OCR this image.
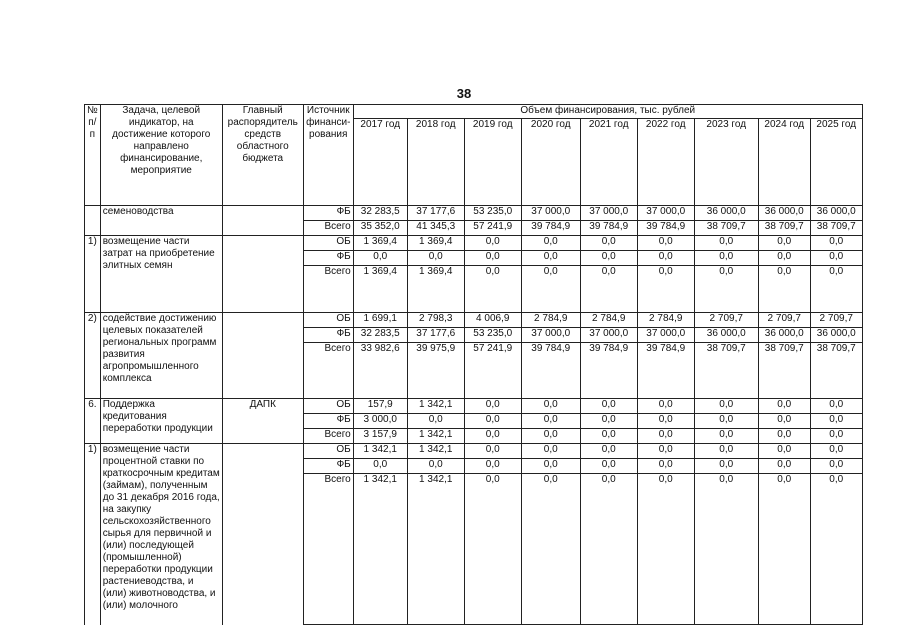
38
№ п/п	Задача, целевой индикатор, на достижение которого направлено финансирование, мероприятие	Главный распорядитель средств областного бюджета	Источник финанси-рования	Объем финансирования, тыс. рублей								
				2017 год	2018 год	2019 год	2020 год	2021 год	2022 год	2023 год	2024 год	2025 год
	семеноводства		ФБ	32 283,5	37 177,6	53 235,0	37 000,0	37 000,0	37 000,0	36 000,0	36 000,0	36 000,0
			Всего	35 352,0	41 345,3	57 241,9	39 784,9	39 784,9	39 784,9	38 709,7	38 709,7	38 709,7
1)	возмещение части затрат на приобретение элитных семян		ОБ	1 369,4	1 369,4	0,0	0,0	0,0	0,0	0,0	0,0	0,0
			ФБ	0,0	0,0	0,0	0,0	0,0	0,0	0,0	0,0	0,0
			Всего	1 369,4	1 369,4	0,0	0,0	0,0	0,0	0,0	0,0	0,0
2)	содействие достижению целевых показателей региональных программ развития агропромышленного комплекса		ОБ	1 699,1	2 798,3	4 006,9	2 784,9	2 784,9	2 784,9	2 709,7	2 709,7	2 709,7
			ФБ	32 283,5	37 177,6	53 235,0	37 000,0	37 000,0	37 000,0	36 000,0	36 000,0	36 000,0
			Всего	33 982,6	39 975,9	57 241,9	39 784,9	39 784,9	39 784,9	38 709,7	38 709,7	38 709,7
6.	Поддержка кредитования переработки продукции	ДАПК	ОБ	157,9	1 342,1	0,0	0,0	0,0	0,0	0,0	0,0	0,0
			ФБ	3 000,0	0,0	0,0	0,0	0,0	0,0	0,0	0,0	0,0
			Всего	3 157,9	1 342,1	0,0	0,0	0,0	0,0	0,0	0,0	0,0
1)	возмещение части процентной ставки по краткосрочным кредитам (займам), полученным до 31 декабря 2016 года, на закупку сельскохозяйственного сырья для первичной и (или) последующей (промышленной) переработки продукции растениеводства, и (или) животноводства, и (или) молочного		ОБ	1 342,1	1 342,1	0,0	0,0	0,0	0,0	0,0	0,0	0,0
			ФБ	0,0	0,0	0,0	0,0	0,0	0,0	0,0	0,0	0,0
			Всего	1 342,1	1 342,1	0,0	0,0	0,0	0,0	0,0	0,0	0,0
